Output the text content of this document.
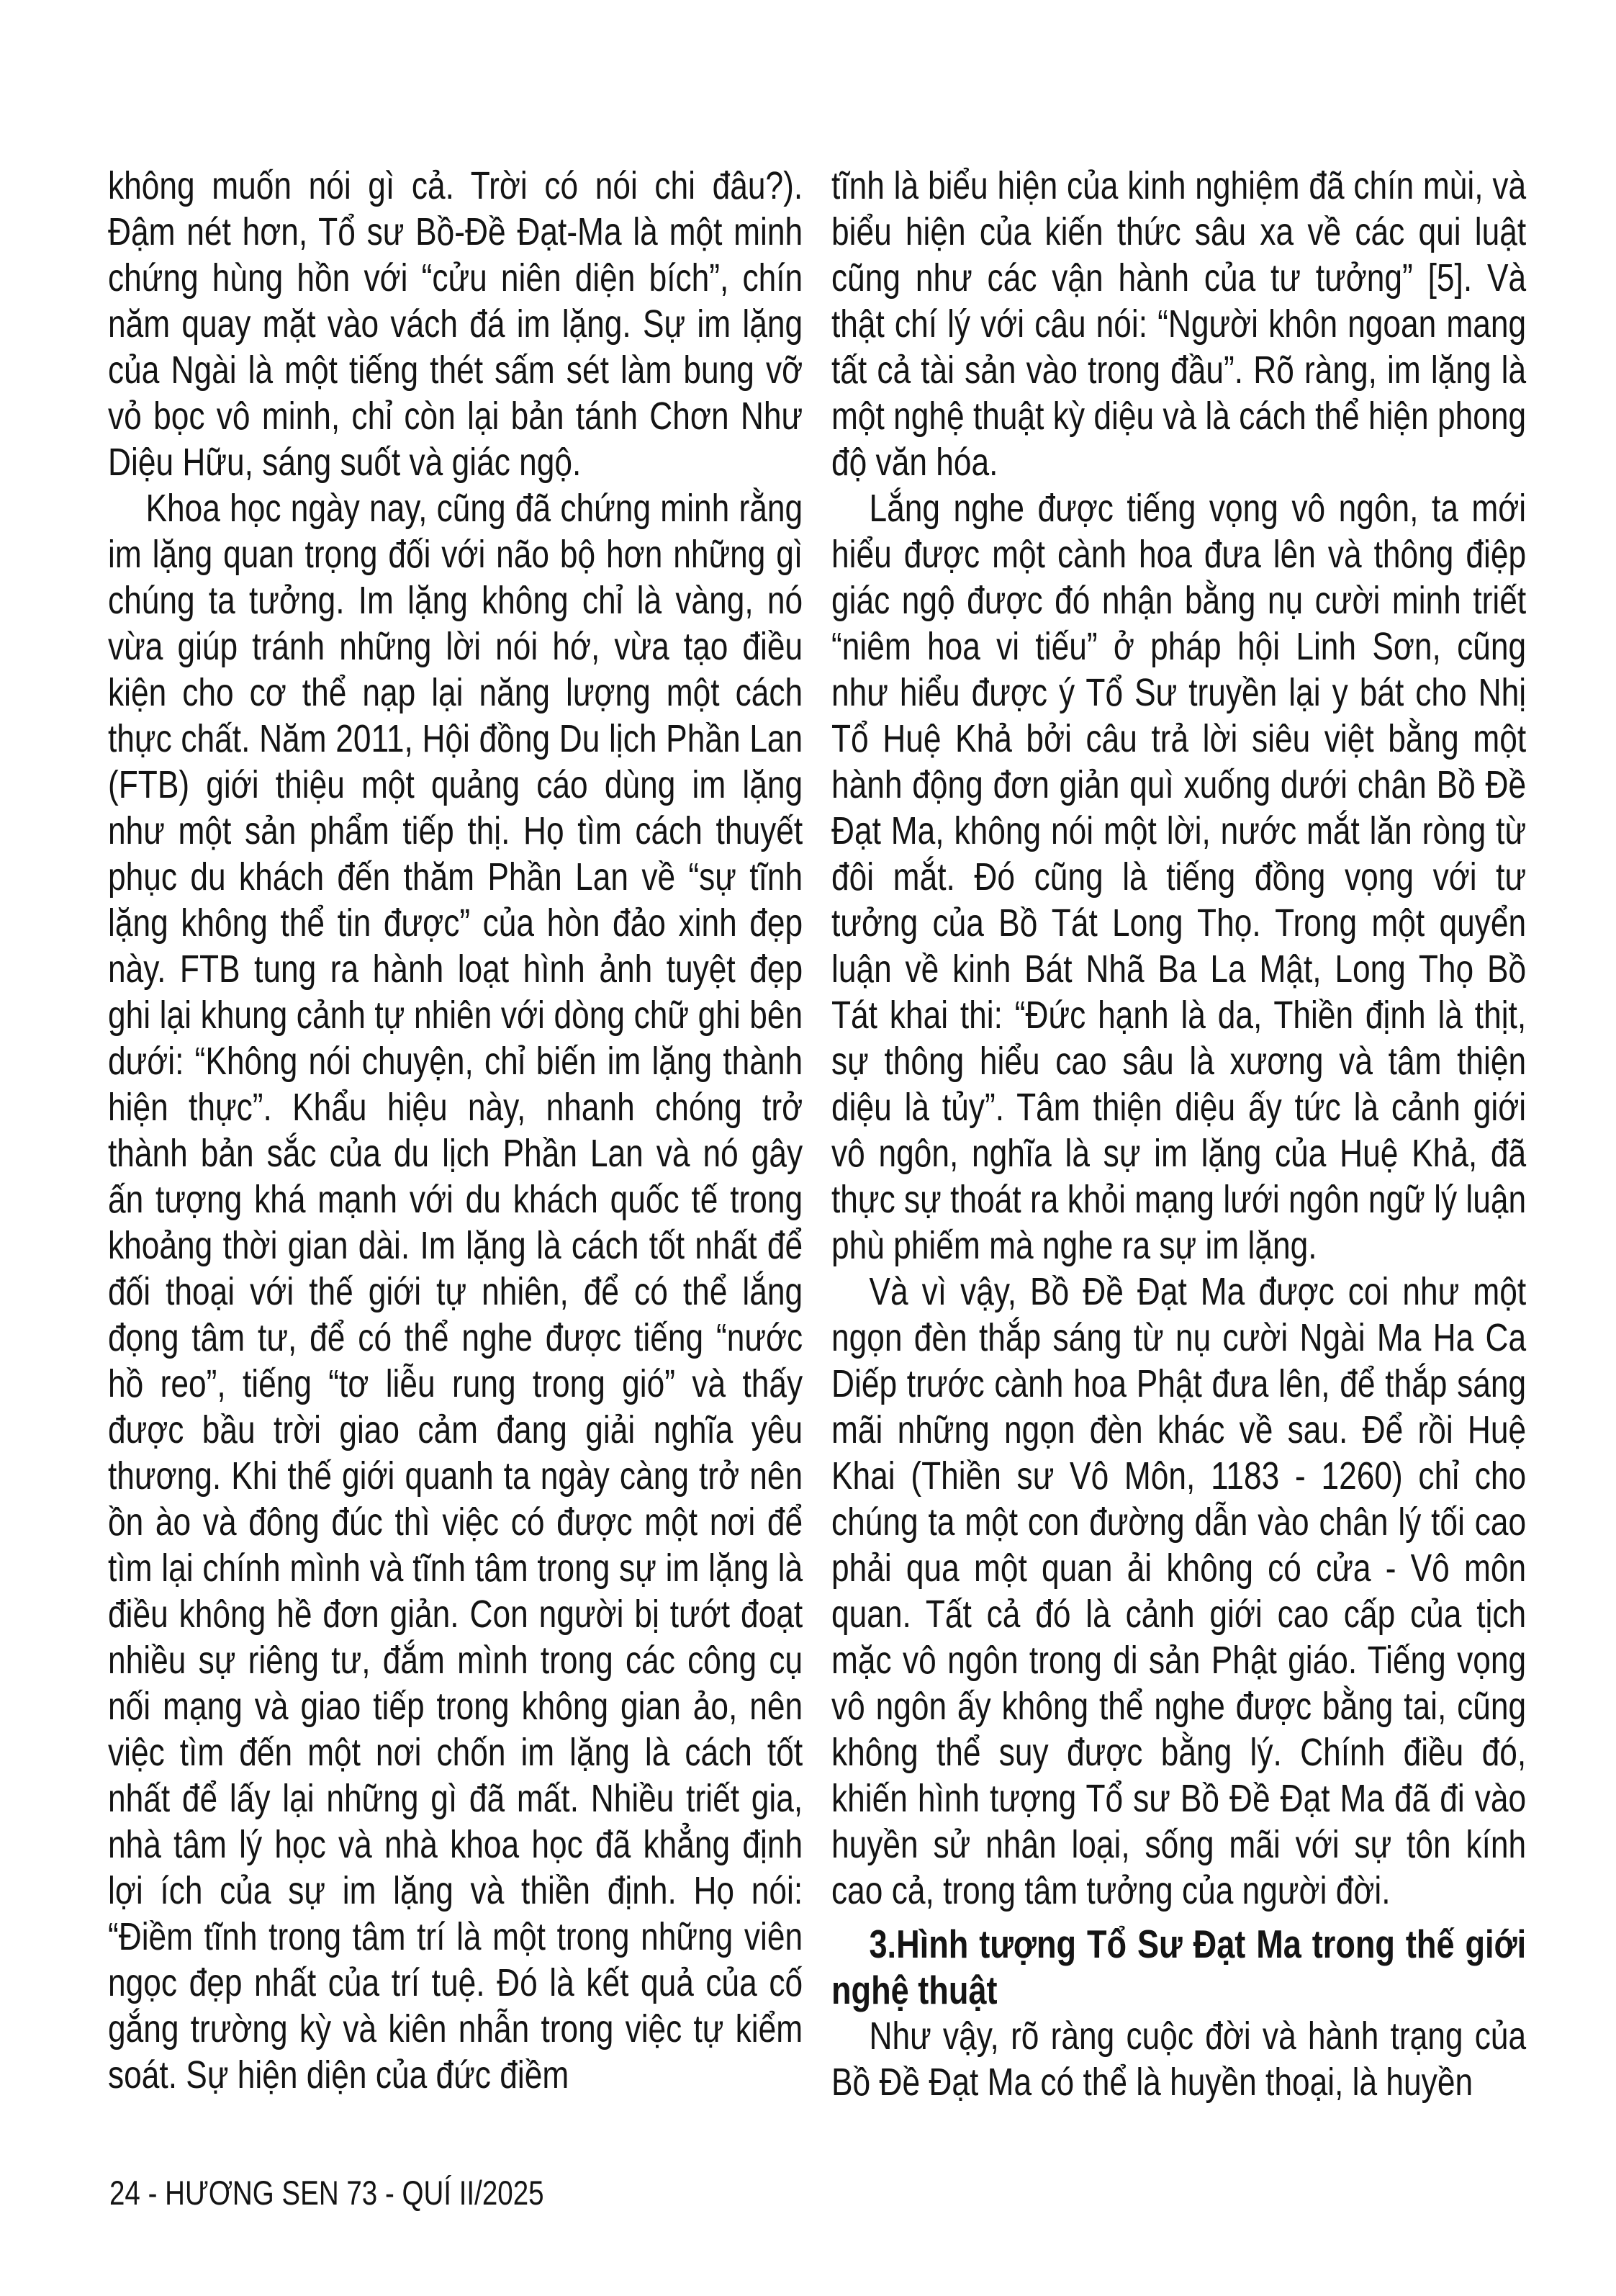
không muốn nói gì cả. Trời có nói chi đâu?). Đậm nét hơn, Tổ sư Bồ-Đề Đạt-Ma là một minh chứng hùng hồn với “cửu niên diện bích”, chín năm quay mặt vào vách đá im lặng. Sự im lặng của Ngài là một tiếng thét sấm sét làm bung vỡ vỏ bọc vô minh, chỉ còn lại bản tánh Chơn Như Diệu Hữu, sáng suốt và giác ngộ.

Khoa học ngày nay, cũng đã chứng minh rằng im lặng quan trọng đối với não bộ hơn những gì chúng ta tưởng. Im lặng không chỉ là vàng, nó vừa giúp tránh những lời nói hớ, vừa tạo điều kiện cho cơ thể nạp lại năng lượng một cách thực chất. Năm 2011, Hội đồng Du lịch Phần Lan (FTB) giới thiệu một quảng cáo dùng im lặng như một sản phẩm tiếp thị. Họ tìm cách thuyết phục du khách đến thăm Phần Lan về “sự tĩnh lặng không thể tin được” của hòn đảo xinh đẹp này. FTB tung ra hành loạt hình ảnh tuyệt đẹp ghi lại khung cảnh tự nhiên với dòng chữ ghi bên dưới: “Không nói chuyện, chỉ biến im lặng thành hiện thực”. Khẩu hiệu này, nhanh chóng trở thành bản sắc của du lịch Phần Lan và nó gây ấn tượng khá mạnh với du khách quốc tế trong khoảng thời gian dài. Im lặng là cách tốt nhất để đối thoại với thế giới tự nhiên, để có thể lắng đọng tâm tư, để có thể nghe được tiếng “nước hồ reo”, tiếng “tơ liễu rung trong gió” và thấy được bầu trời giao cảm đang giải nghĩa yêu thương. Khi thế giới quanh ta ngày càng trở nên ồn ào và đông đúc thì việc có được một nơi để tìm lại chính mình và tĩnh tâm trong sự im lặng là điều không hề đơn giản. Con người bị tướt đoạt nhiều sự riêng tư, đắm mình trong các công cụ nối mạng và giao tiếp trong không gian ảo, nên việc tìm đến một nơi chốn im lặng là cách tốt nhất để lấy lại những gì đã mất. Nhiều triết gia, nhà tâm lý học và nhà khoa học đã khẳng định lợi ích của sự im lặng và thiền định. Họ nói: “Điềm tĩnh trong tâm trí là một trong những viên ngọc đẹp nhất của trí tuệ. Đó là kết quả của cố gắng trường kỳ và kiên nhẫn trong việc tự kiểm soát. Sự hiện diện của đức điềm

tĩnh là biểu hiện của kinh nghiệm đã chín mùi, và biểu hiện của kiến thức sâu xa về các qui luật cũng như các vận hành của tư tưởng” [5]. Và thật chí lý với câu nói: “Người khôn ngoan mang tất cả tài sản vào trong đầu”. Rõ ràng, im lặng là một nghệ thuật kỳ diệu và là cách thể hiện phong độ văn hóa.

Lắng nghe được tiếng vọng vô ngôn, ta mới hiểu được một cành hoa đưa lên và thông điệp giác ngộ được đó nhận bằng nụ cười minh triết “niêm hoa vi tiếu” ở pháp hội Linh Sơn, cũng như hiểu được ý Tổ Sư truyền lại y bát cho Nhị Tổ Huệ Khả bởi câu trả lời siêu việt bằng một hành động đơn giản quì xuống dưới chân Bồ Đề Đạt Ma, không nói một lời, nước mắt lăn ròng từ đôi mắt. Đó cũng là tiếng đồng vọng với tư tưởng của Bồ Tát Long Thọ. Trong một quyển luận về kinh Bát Nhã Ba La Mật, Long Thọ Bồ Tát khai thi: “Đức hạnh là da, Thiền định là thịt, sự thông hiểu cao sâu là xương và tâm thiện diệu là tủy”. Tâm thiện diệu ấy tức là cảnh giới vô ngôn, nghĩa là sự im lặng của Huệ Khả, đã thực sự thoát ra khỏi mạng lưới ngôn ngữ lý luận phù phiếm mà nghe ra sự im lặng.

Và vì vậy, Bồ Đề Đạt Ma được coi như một ngọn đèn thắp sáng từ nụ cười Ngài Ma Ha Ca Diếp trước cành hoa Phật đưa lên, để thắp sáng mãi những ngọn đèn khác về sau. Để rồi Huệ Khai (Thiền sư Vô Môn, 1183 - 1260) chỉ cho chúng ta một con đường dẫn vào chân lý tối cao phải qua một quan ải không có cửa - Vô môn quan. Tất cả đó là cảnh giới cao cấp của tịch mặc vô ngôn trong di sản Phật giáo. Tiếng vọng vô ngôn ấy không thể nghe được bằng tai, cũng không thể suy được bằng lý. Chính điều đó, khiến hình tượng Tổ sư Bồ Đề Đạt Ma đã đi vào huyền sử nhân loại, sống mãi với sự tôn kính cao cả, trong tâm tưởng của người đời.

3.Hình tượng Tổ Sư Đạt Ma trong thế giới nghệ thuật

Như vậy, rõ ràng cuộc đời và hành trạng của Bồ Đề Đạt Ma có thể là huyền thoại, là huyền

24 - HƯƠNG SEN 73 - QUÍ II/2025
